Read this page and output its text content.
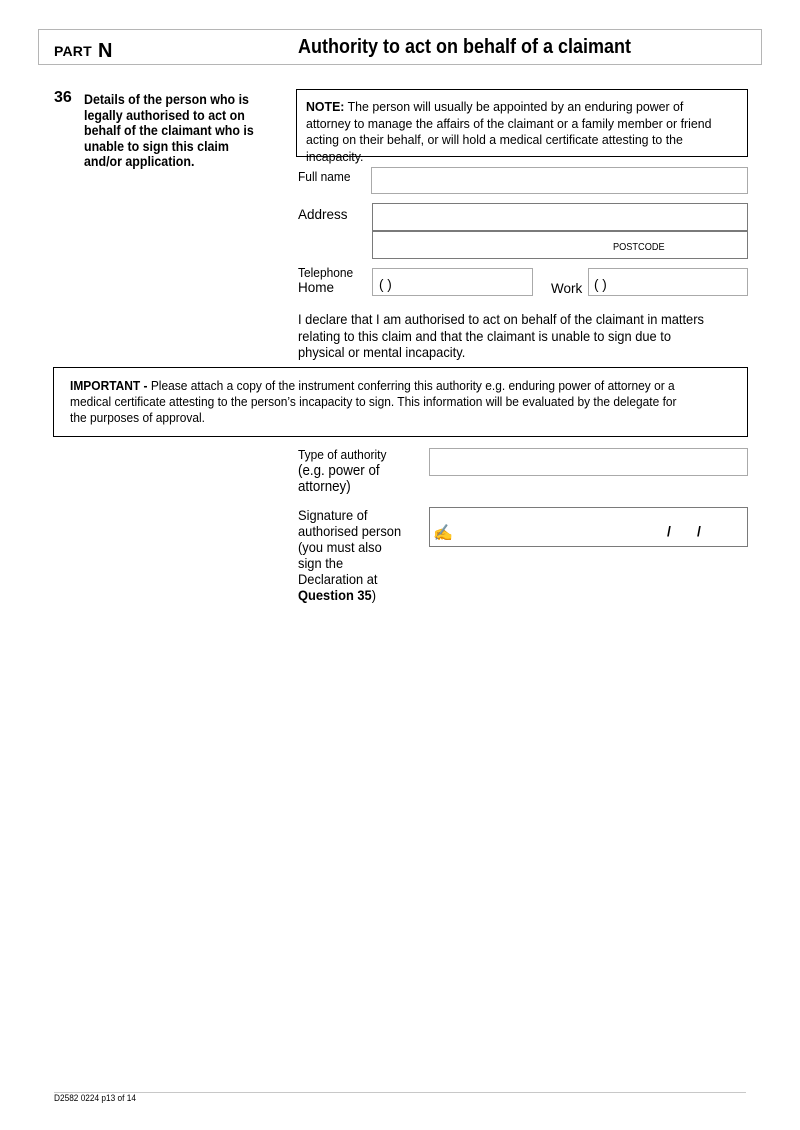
PART N	Authority to act on behalf of a claimant
36 Details of the person who is legally authorised to act on behalf of the claimant who is unable to sign this claim and/or application.
NOTE: The person will usually be appointed by an enduring power of attorney to manage the affairs of the claimant or a family member or friend acting on their behalf, or will hold a medical certificate attesting to the incapacity.
Full name
Address
POSTCODE
Telephone
Home	( )	Work ( )
I declare that I am authorised to act on behalf of the claimant in matters relating to this claim and that the claimant is unable to sign due to physical or mental incapacity.
IMPORTANT - Please attach a copy of the instrument conferring this authority e.g. enduring power of attorney or a medical certificate attesting to the person’s incapacity to sign. This information will be evaluated by the delegate for the purposes of approval.
Type of authority
(e.g. power of attorney)
Signature of authorised person (you must also sign the Declaration at Question 35)
✍	/ /
D2582 0224 p13 of 14
